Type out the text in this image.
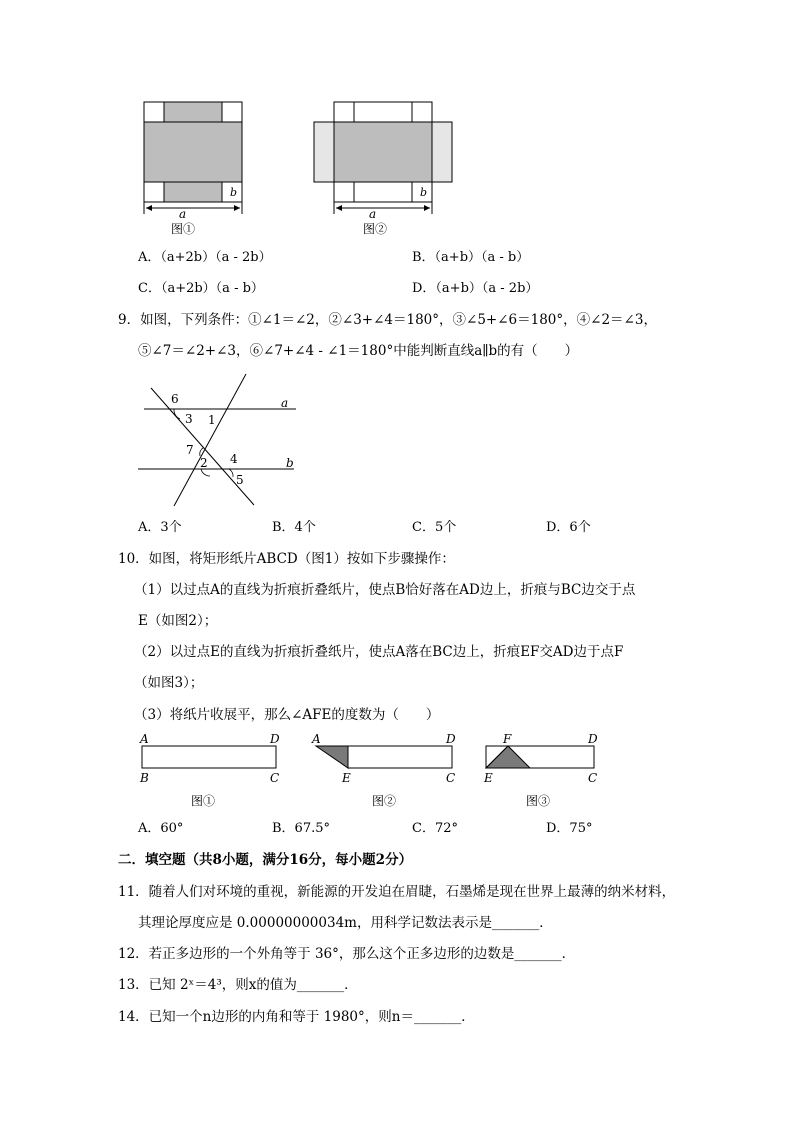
b
a
图①
b
a
图②
A．（a+2b）（a - 2b）	B．（a+b）（a - b）
C．（a+2b）（a - b）	D．（a+b）（a - 2b）
9．如图，下列条件：①∠1＝∠2，②∠3+∠4＝180°，③∠5+∠6＝180°，④∠2＝∠3，
⑤∠7＝∠2+∠3，⑥∠7+∠4 - ∠1＝180°中能判断直线a∥b的有（　　）
6
3 1
a
7
2 4	b
5
A．3个	B．4个	C．5个	D．6个
10．如图，将矩形纸片ABCD（图1）按如下步骤操作：
（1）以过点A的直线为折痕折叠纸片，使点B恰好落在AD边上，折痕与BC边交于点
E（如图2）；
（2）以过点E的直线为折痕折叠纸片，使点A落在BC边上，折痕EF交AD边于点F
（如图3）；
（3）将纸片收展平，那么∠AFE的度数为（　　）
A	D
B	C
图①
A	D
E	C
图②
F	D
E	C
图③
A．60°	B．67.5°	C．72°	D．75°
二．填空题（共8小题，满分16分，每小题2分）
11．随着人们对环境的重视，新能源的开发迫在眉睫，石墨烯是现在世界上最薄的纳米材料，
其理论厚度应是 0.00000000034m，用科学记数法表示是_______．
12．若正多边形的一个外角等于 36°，那么这个正多边形的边数是_______．
13．已知 2ˣ＝4³，则x的值为_______．
14．已知一个n边形的内角和等于 1980°，则n＝_______．
